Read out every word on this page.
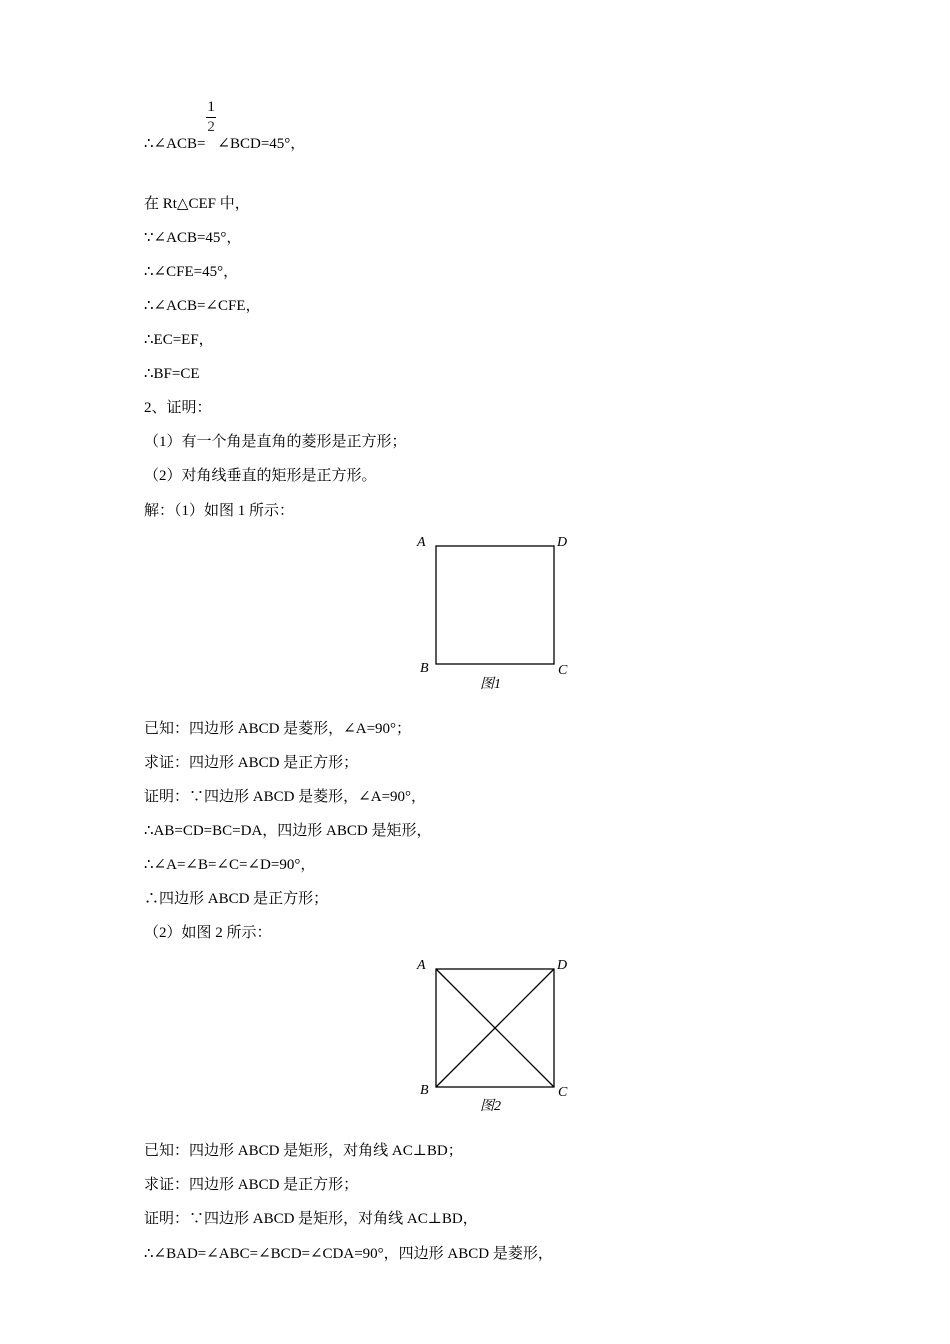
∴∠ACB= $\frac{1}{2}$ ∠BCD=45°，
在 Rt△CEF 中，
∵∠ACB=45°，
∴∠CFE=45°，
∴∠ACB=∠CFE，
∴EC=EF，
∴BF=CE
2、证明：
（1）有一个角是直角的菱形是正方形；
（2）对角线垂直的矩形是正方形。
解：（1）如图 1 所示：
A	D
B	C
图1
已知：四边形 ABCD 是菱形，∠A=90°；
求证：四边形 ABCD 是正方形；
证明：∵四边形 ABCD 是菱形，∠A=90°，
∴AB=CD=BC=DA，四边形 ABCD 是矩形，
∴∠A=∠B=∠C=∠D=90°，
∴四边形 ABCD 是正方形；
（2）如图 2 所示：
A	D
B	C
图2
已知：四边形 ABCD 是矩形，对角线 AC⊥BD；
求证：四边形 ABCD 是正方形；
证明：∵四边形 ABCD 是矩形，对角线 AC⊥BD，
∴∠BAD=∠ABC=∠BCD=∠CDA=90°，四边形 ABCD 是菱形，
